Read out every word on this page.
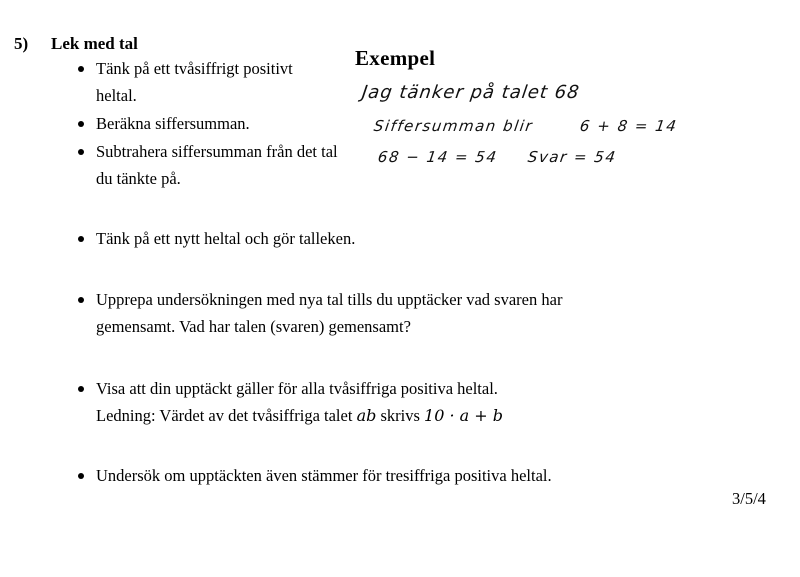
5) Lek med tal
Tänk på ett tvåsiffrigt positivt heltal.
Beräkna siffersumman.
Subtrahera siffersumman från det tal du tänkte på.
Tänk på ett nytt heltal och gör talleken.
Upprepa undersökningen med nya tal tills du upptäcker vad svaren har gemensamt. Vad har talen (svaren) gemensamt?
Visa att din upptäckt gäller för alla tvåsiffriga positiva heltal.
Ledning: Värdet av det tvåsiffriga talet ab skrivs 10 · a + b
Undersök om upptäckten även stämmer för tresiffriga positiva heltal.
Exempel
Jag tänker på talet 68
Siffersumman blir	6 + 8 = 14
68 − 14 = 54 Svar = 54
3/5/4
